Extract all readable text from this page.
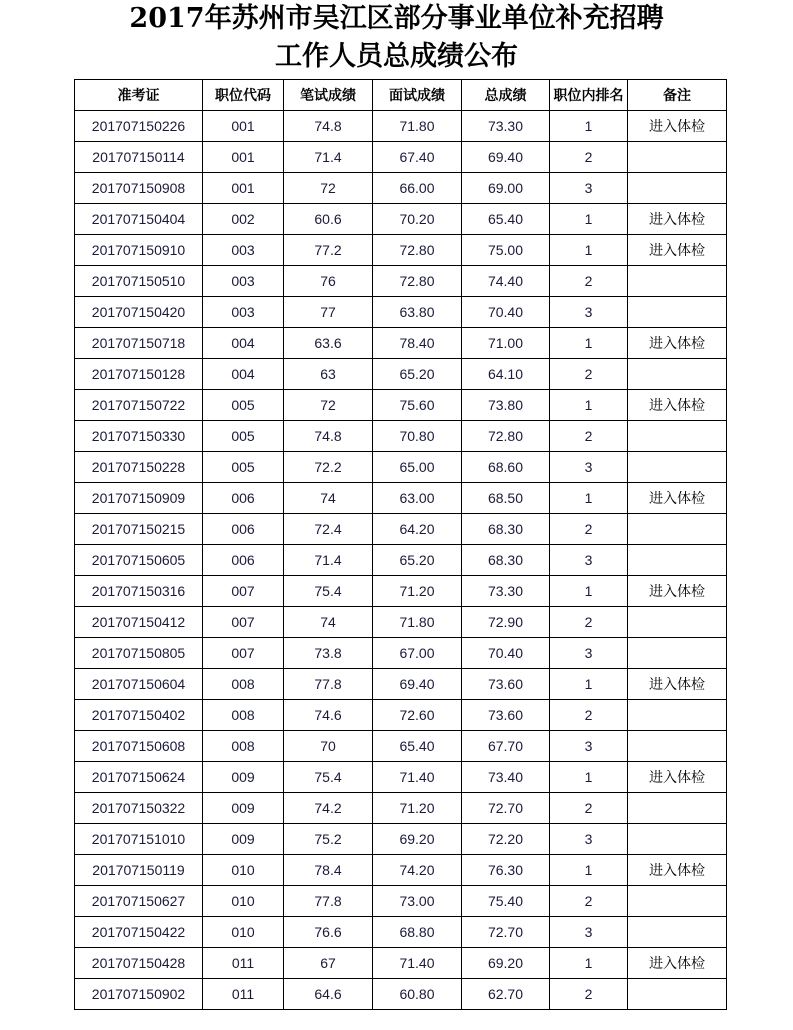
2017年苏州市吴江区部分事业单位补充招聘
工作人员总成绩公布
准考证	职位代码	笔试成绩	面试成绩	总成绩	职位内排名	备注
201707150226	001	74.8	71.80	73.30	1	进入体检
201707150114	001	71.4	67.40	69.40	2	
201707150908	001	72	66.00	69.00	3	
201707150404	002	60.6	70.20	65.40	1	进入体检
201707150910	003	77.2	72.80	75.00	1	进入体检
201707150510	003	76	72.80	74.40	2	
201707150420	003	77	63.80	70.40	3	
201707150718	004	63.6	78.40	71.00	1	进入体检
201707150128	004	63	65.20	64.10	2	
201707150722	005	72	75.60	73.80	1	进入体检
201707150330	005	74.8	70.80	72.80	2	
201707150228	005	72.2	65.00	68.60	3	
201707150909	006	74	63.00	68.50	1	进入体检
201707150215	006	72.4	64.20	68.30	2	
201707150605	006	71.4	65.20	68.30	3	
201707150316	007	75.4	71.20	73.30	1	进入体检
201707150412	007	74	71.80	72.90	2	
201707150805	007	73.8	67.00	70.40	3	
201707150604	008	77.8	69.40	73.60	1	进入体检
201707150402	008	74.6	72.60	73.60	2	
201707150608	008	70	65.40	67.70	3	
201707150624	009	75.4	71.40	73.40	1	进入体检
201707150322	009	74.2	71.20	72.70	2	
201707151010	009	75.2	69.20	72.20	3	
201707150119	010	78.4	74.20	76.30	1	进入体检
201707150627	010	77.8	73.00	75.40	2	
201707150422	010	76.6	68.80	72.70	3	
201707150428	011	67	71.40	69.20	1	进入体检
201707150902	011	64.6	60.80	62.70	2	
